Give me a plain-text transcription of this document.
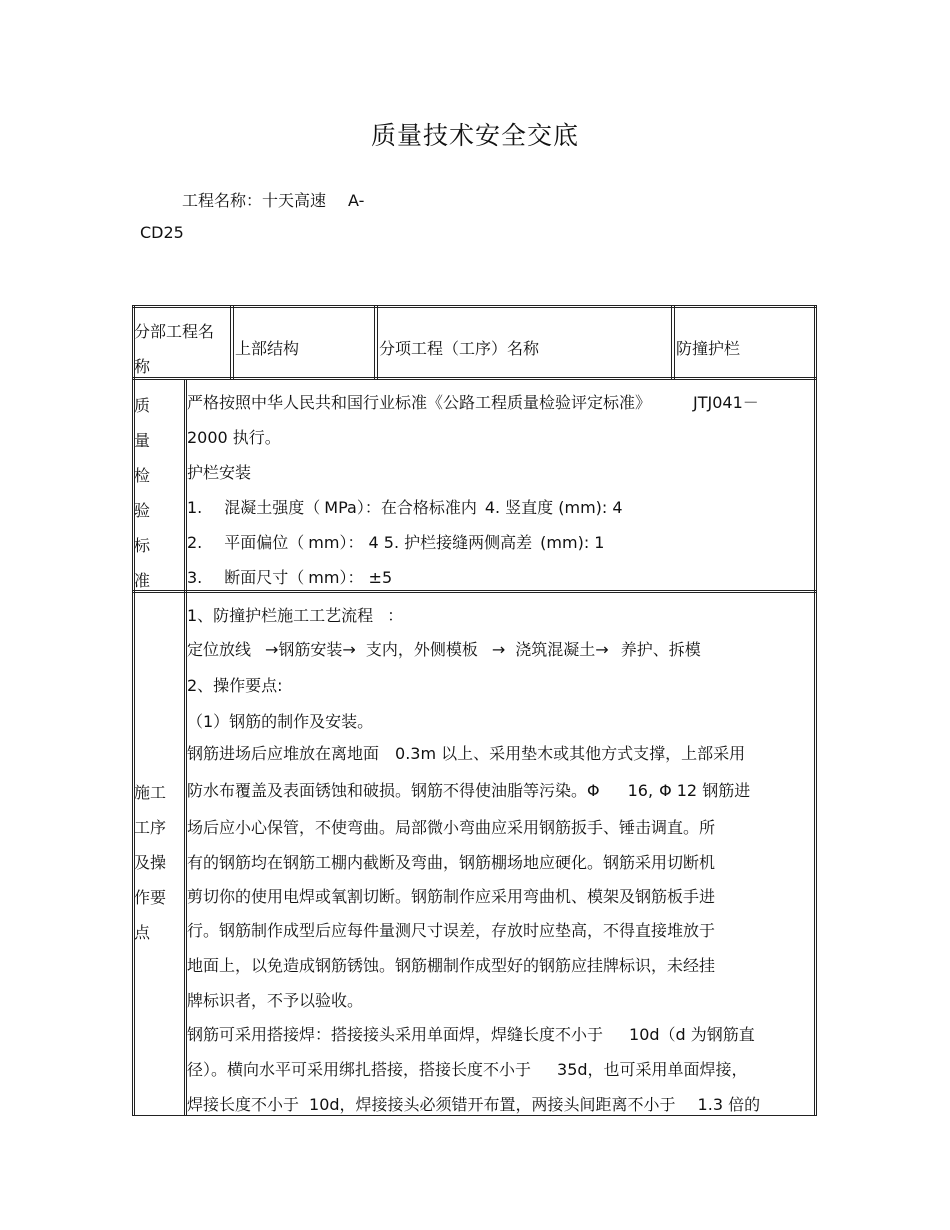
质量技术安全交底
工程名称：十天高速 A-
CD25
分部工程名
称
上部结构	分项工程（工序）名称	防撞护栏
质
量
检
验
标
准
严格按照中华人民共和国行业标准《公路工程质量检验评定标准》	JTJ041－
2000 执行。
护栏安装
1. 混凝土强度（ MPa）：在合格标准内 4. 竖直度 (mm): 4
2. 平面偏位（ mm）： 4 5. 护栏接缝两侧高差 (mm): 1
3. 断面尺寸（ mm）： ±5
施工
工序
及操
作要
点
1、防撞护栏施工工艺流程 ：
定位放线 →钢筋安装→ 支内，外侧模板 → 浇筑混凝土→ 养护、拆模
2、操作要点:
（1）钢筋的制作及安装。
钢筋进场后应堆放在离地面 0.3m 以上、采用垫木或其他方式支撑，上部采用
防水布覆盖及表面锈蚀和破损。钢筋不得使油脂等污染。Φ 16, Φ 12 钢筋进
场后应小心保管，不使弯曲。局部微小弯曲应采用钢筋扳手、锤击调直。所
有的钢筋均在钢筋工棚内截断及弯曲，钢筋棚场地应硬化。钢筋采用切断机
剪切你的使用电焊或氧割切断。钢筋制作应采用弯曲机、模架及钢筋板手进
行。钢筋制作成型后应每件量测尺寸误差，存放时应垫高，不得直接堆放于
地面上，以免造成钢筋锈蚀。钢筋棚制作成型好的钢筋应挂牌标识，未经挂
牌标识者，不予以验收。
钢筋可采用搭接焊：搭接接头采用单面焊，焊缝长度不小于 10d（d 为钢筋直
径）。横向水平可采用绑扎搭接，搭接长度不小于 35d，也可采用单面焊接，
焊接长度不小于 10d，焊接接头必须错开布置，两接头间距离不小于 1.3 倍的
